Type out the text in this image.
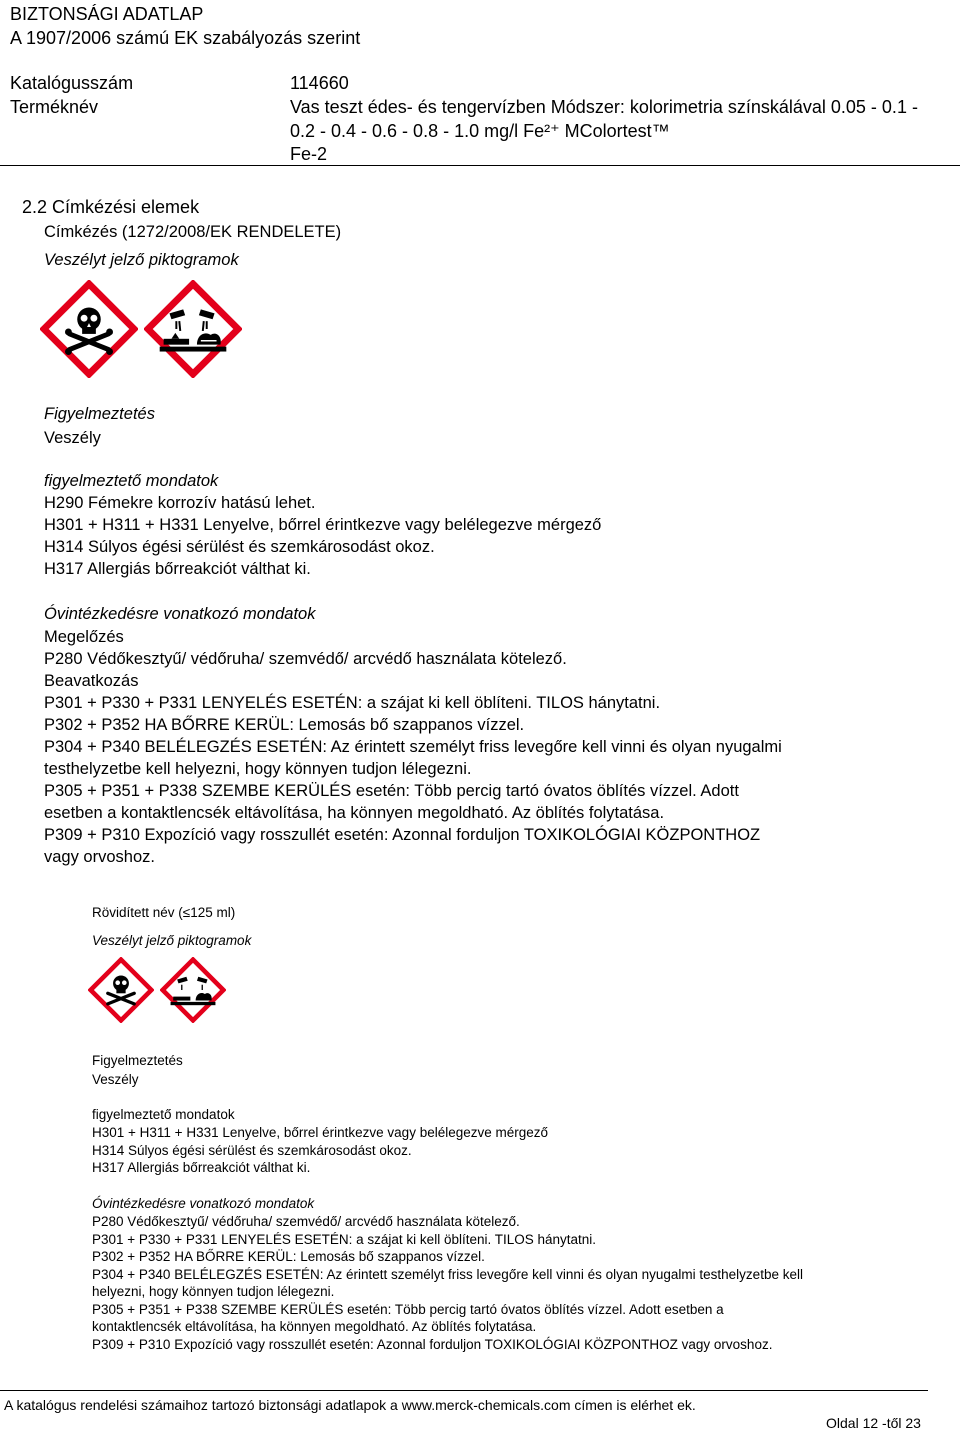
BIZTONSÁGI ADATLAP
A 1907/2006 számú EK szabályozás szerint
Katalógusszám	114660
Terméknév	Vas teszt édes- és tengervízben Módszer: kolorimetria színskálával 0.05 - 0.1 -
0.2 - 0.4 - 0.6 - 0.8 - 1.0 mg/l Fe²⁺ MColortest™
Fe-2
2.2 Címkézési elemek
Címkézés (1272/2008/EK RENDELETE)
Veszélyt jelző piktogramok
Figyelmeztetés
Veszély
figyelmeztető mondatok
H290 Fémekre korrozív hatású lehet.
H301 + H311 + H331 Lenyelve, bőrrel érintkezve vagy belélegezve mérgező
H314 Súlyos égési sérülést és szemkárosodást okoz.
H317 Allergiás bőrreakciót válthat ki.
Óvintézkedésre vonatkozó mondatok
Megelőzés
P280 Védőkesztyű/ védőruha/ szemvédő/ arcvédő használata kötelező.
Beavatkozás
P301 + P330 + P331 LENYELÉS ESETÉN: a szájat ki kell öblíteni. TILOS hánytatni.
P302 + P352 HA BŐRRE KERÜL: Lemosás bő szappanos vízzel.
P304 + P340 BELÉLEGZÉS ESETÉN: Az érintett személyt friss levegőre kell vinni és olyan nyugalmi
testhelyzetbe kell helyezni, hogy könnyen tudjon lélegezni.
P305 + P351 + P338 SZEMBE KERÜLÉS esetén: Több percig tartó óvatos öblítés vízzel. Adott
esetben a kontaktlencsék eltávolítása, ha könnyen megoldható. Az öblítés folytatása.
P309 + P310 Expozíció vagy rosszullét esetén: Azonnal forduljon TOXIKOLÓGIAI KÖZPONTHOZ
vagy orvoshoz.
Rövidített név (≤125 ml)
Veszélyt jelző piktogramok
Figyelmeztetés
Veszély
figyelmeztető mondatok
H301 + H311 + H331 Lenyelve, bőrrel érintkezve vagy belélegezve mérgező
H314 Súlyos égési sérülést és szemkárosodást okoz.
H317 Allergiás bőrreakciót válthat ki.
Óvintézkedésre vonatkozó mondatok
P280 Védőkesztyű/ védőruha/ szemvédő/ arcvédő használata kötelező.
P301 + P330 + P331 LENYELÉS ESETÉN: a szájat ki kell öblíteni. TILOS hánytatni.
P302 + P352 HA BŐRRE KERÜL: Lemosás bő szappanos vízzel.
P304 + P340 BELÉLEGZÉS ESETÉN: Az érintett személyt friss levegőre kell vinni és olyan nyugalmi testhelyzetbe kell
helyezni, hogy könnyen tudjon lélegezni.
P305 + P351 + P338 SZEMBE KERÜLÉS esetén: Több percig tartó óvatos öblítés vízzel. Adott esetben a
kontaktlencsék eltávolítása, ha könnyen megoldható. Az öblítés folytatása.
P309 + P310 Expozíció vagy rosszullét esetén: Azonnal forduljon TOXIKOLÓGIAI KÖZPONTHOZ vagy orvoshoz.
A katalógus rendelési számaihoz tartozó biztonsági adatlapok a www.merck-chemicals.com címen is elérhet ek.
Oldal 12 -től 23
